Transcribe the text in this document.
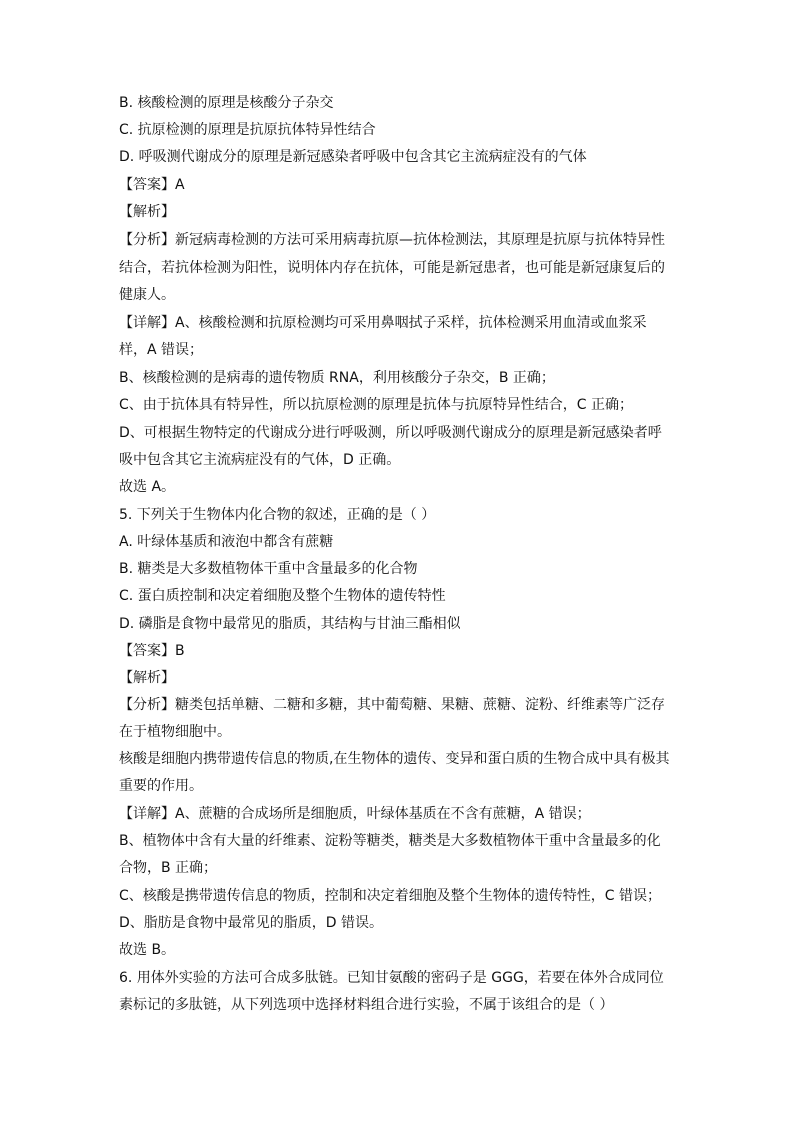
B. 核酸检测的原理是核酸分子杂交
C. 抗原检测的原理是抗原抗体特异性结合
D. 呼吸测代谢成分的原理是新冠感染者呼吸中包含其它主流病症没有的气体
【答案】A
【解析】
【分析】新冠病毒检测的方法可采用病毒抗原—抗体检测法，其原理是抗原与抗体特异性
结合，若抗体检测为阳性，说明体内存在抗体，可能是新冠患者，也可能是新冠康复后的
健康人。
【详解】A、核酸检测和抗原检测均可采用鼻咽拭子采样，抗体检测采用血清或血浆采
样，A 错误；
B、核酸检测的是病毒的遗传物质 RNA，利用核酸分子杂交，B 正确；
C、由于抗体具有特异性，所以抗原检测的原理是抗体与抗原特异性结合，C 正确；
D、可根据生物特定的代谢成分进行呼吸测，所以呼吸测代谢成分的原理是新冠感染者呼
吸中包含其它主流病症没有的气体，D 正确。
故选 A。
5. 下列关于生物体内化合物的叙述，正确的是（ ）
A. 叶绿体基质和液泡中都含有蔗糖
B. 糖类是大多数植物体干重中含量最多的化合物
C. 蛋白质控制和决定着细胞及整个生物体的遗传特性
D. 磷脂是食物中最常见的脂质，其结构与甘油三酯相似
【答案】B
【解析】
【分析】糖类包括单糖、二糖和多糖，其中葡萄糖、果糖、蔗糖、淀粉、纤维素等广泛存
在于植物细胞中。
核酸是细胞内携带遗传信息的物质,在生物体的遗传、变异和蛋白质的生物合成中具有极其
重要的作用。
【详解】A、蔗糖的合成场所是细胞质，叶绿体基质在不含有蔗糖，A 错误；
B、植物体中含有大量的纤维素、淀粉等糖类，糖类是大多数植物体干重中含量最多的化
合物，B 正确；
C、核酸是携带遗传信息的物质，控制和决定着细胞及整个生物体的遗传特性，C 错误；
D、脂肪是食物中最常见的脂质，D 错误。
故选 B。
6. 用体外实验的方法可合成多肽链。已知甘氨酸的密码子是 GGG，若要在体外合成同位
素标记的多肽链，从下列选项中选择材料组合进行实验，不属于该组合的是（ ）
